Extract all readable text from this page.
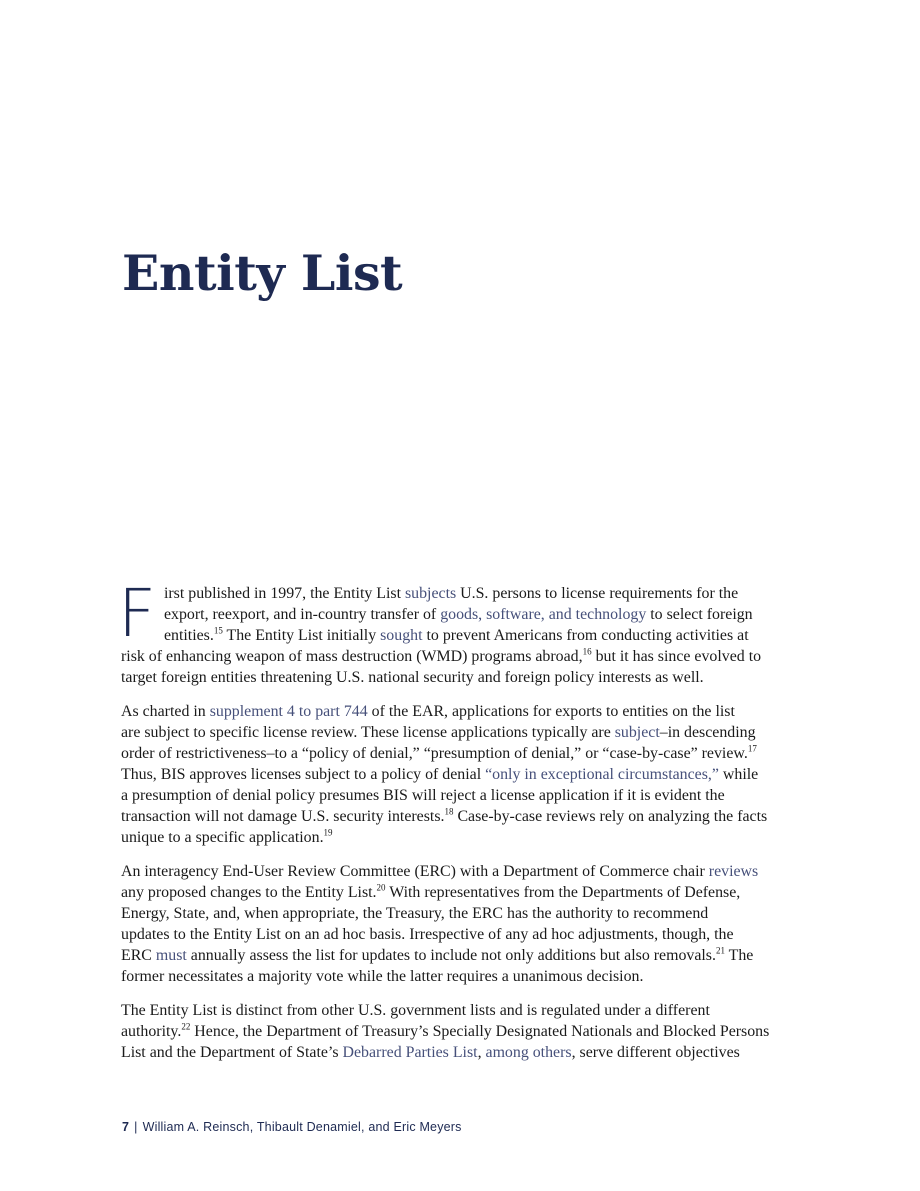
Entity List

F irst published in 1997, the Entity List subjects U.S. persons to license requirements for the
export, reexport, and in-country transfer of goods, software, and technology to select foreign
entities.$^{15}$ The Entity List initially sought to prevent Americans from conducting activities at
risk of enhancing weapon of mass destruction (WMD) programs abroad,$^{16}$ but it has since evolved to
target foreign entities threatening U.S. national security and foreign policy interests as well.

As charted in supplement 4 to part 744 of the EAR, applications for exports to entities on the list
are subject to specific license review. These license applications typically are subject–in descending
order of restrictiveness–to a “policy of denial,” “presumption of denial,” or “case-by-case” review.$^{17}$
Thus, BIS approves licenses subject to a policy of denial “only in exceptional circumstances,” while
a presumption of denial policy presumes BIS will reject a license application if it is evident the
transaction will not damage U.S. security interests.$^{18}$ Case-by-case reviews rely on analyzing the facts
unique to a specific application.$^{19}$

An interagency End-User Review Committee (ERC) with a Department of Commerce chair reviews
any proposed changes to the Entity List.$^{20}$ With representatives from the Departments of Defense,
Energy, State, and, when appropriate, the Treasury, the ERC has the authority to recommend
updates to the Entity List on an ad hoc basis. Irrespective of any ad hoc adjustments, though, the
ERC must annually assess the list for updates to include not only additions but also removals.$^{21}$ The
former necessitates a majority vote while the latter requires a unanimous decision.

The Entity List is distinct from other U.S. government lists and is regulated under a different
authority.$^{22}$ Hence, the Department of Treasury’s Specially Designated Nationals and Blocked Persons
List and the Department of State’s Debarred Parties List, among others, serve different objectives

7 | William A. Reinsch, Thibault Denamiel, and Eric Meyers
